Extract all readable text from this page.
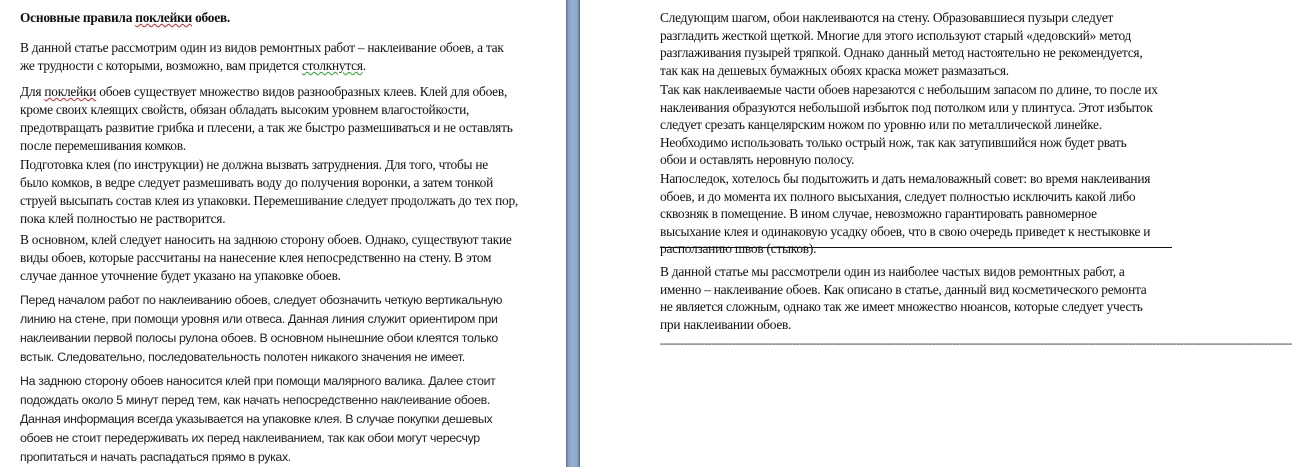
Основные правила поклейки обоев.
В данной статье рассмотрим один из видов ремонтных работ – наклеивание обоев, а так
же трудности с которыми, возможно, вам придется столкнутся.
Для поклейки обоев существует множество видов разнообразных клеев. Клей для обоев,
кроме своих клеящих свойств, обязан обладать высоким уровнем влагостойкости,
предотвращать развитие грибка и плесени, а так же быстро размешиваться и не оставлять
после перемешивания комков.
Подготовка клея (по инструкции) не должна вызвать затруднения. Для того, чтобы не
было комков, в ведре следует размешивать воду до получения воронки, а затем тонкой
струей высыпать состав клея из упаковки. Перемешивание следует продолжать до тех пор,
пока клей полностью не растворится.
В основном, клей следует наносить на заднюю сторону обоев. Однако, существуют такие
виды обоев, которые рассчитаны на нанесение клея непосредственно на стену. В этом
случае данное уточнение будет указано на упаковке обоев.
Перед началом работ по наклеиванию обоев, следует обозначить четкую вертикальную
линию на стене, при помощи уровня или отвеса. Данная линия служит ориентиром при
наклеивании первой полосы рулона обоев. В основном нынешние обои клеятся только
встык. Следовательно, последовательность полотен никакого значения не имеет.
На заднюю сторону обоев наносится клей при помощи малярного валика. Далее стоит
подождать около 5 минут перед тем, как начать непосредственно наклеивание обоев.
Данная информация всегда указывается на упаковке клея. В случае покупки дешевых
обоев не стоит передерживать их перед наклеиванием, так как обои могут чересчур
пропитаться и начать распадаться прямо в руках.
Следующим шагом, обои наклеиваются на стену. Образовавшиеся пузыри следует
разгладить жесткой щеткой. Многие для этого используют старый «дедовский» метод
разглаживания пузырей тряпкой. Однако данный метод настоятельно не рекомендуется,
так как на дешевых бумажных обоях краска может размазаться.
Так как наклеиваемые части обоев нарезаются с небольшим запасом по длине, то после их
наклеивания образуются небольшой избыток под потолком или у плинтуса. Этот избыток
следует срезать канцелярским ножом по уровню или по металлической линейке.
Необходимо использовать только острый нож, так как затупившийся нож будет рвать
обои и оставлять неровную полосу.
Напоследок, хотелось бы подытожить и дать немаловажный совет: во время наклеивания
обоев, и до момента их полного высыхания, следует полностью исключить какой либо
сквозняк в помещение. В ином случае, невозможно гарантировать равномерное
высыхание клея и одинаковую усадку обоев, что в свою очередь приведет к нестыковке и
расползанию швов (стыков).
В данной статье мы рассмотрели один из наиболее частых видов ремонтных работ, а
именно – наклеивание обоев. Как описано в статье, данный вид косметического ремонта
не является сложным, однако так же имеет множество нюансов, которые следует учесть
при наклеивании обоев.
------------------------------------------------------------------------------------------------------------------------------------------------------------------------------------------
